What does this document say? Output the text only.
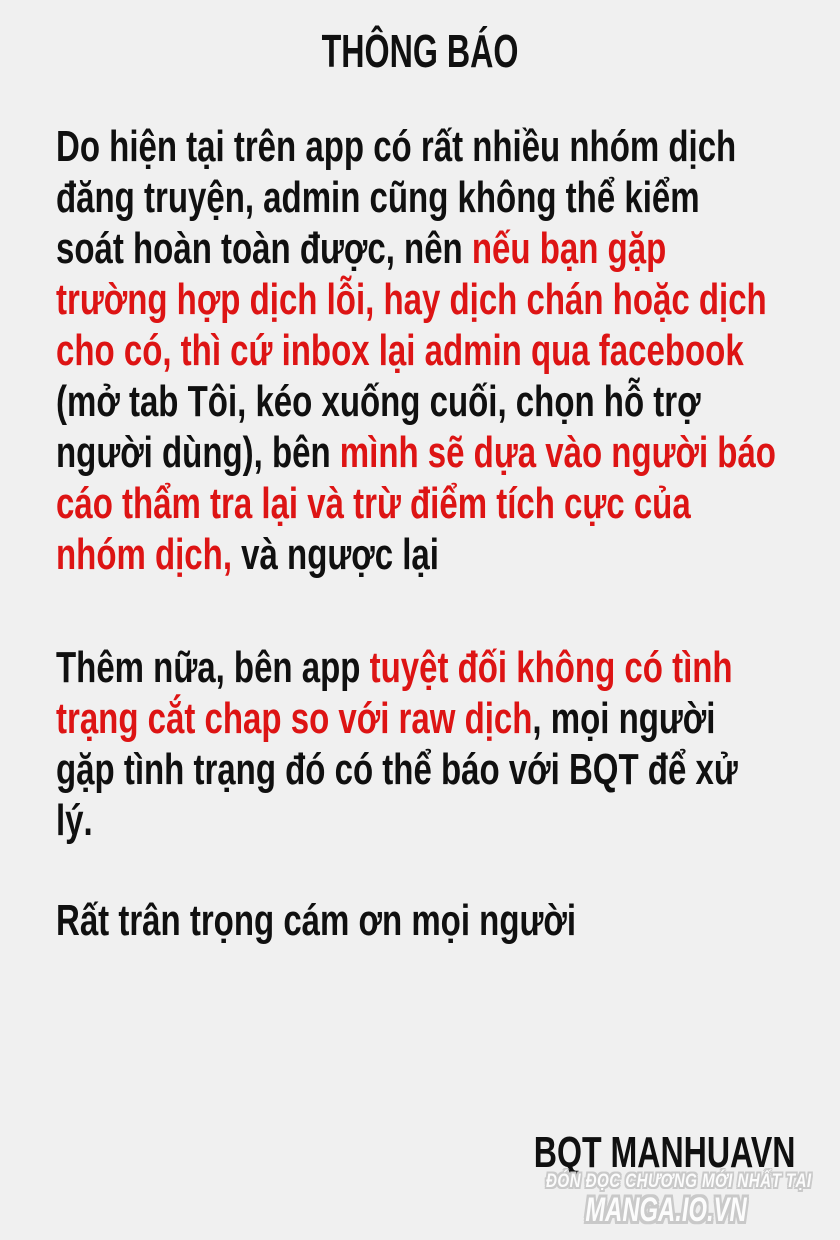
THÔNG BÁO
Do hiện tại trên app có rất nhiều nhóm dịch
đăng truyện, admin cũng không thể kiểm
soát hoàn toàn được, nên nếu bạn gặp
trường hợp dịch lỗi, hay dịch chán hoặc dịch
cho có, thì cứ inbox lại admin qua facebook
(mở tab Tôi, kéo xuống cuối, chọn hỗ trợ
người dùng), bên mình sẽ dựa vào người báo
cáo thẩm tra lại và trừ điểm tích cực của
nhóm dịch, và ngược lại
Thêm nữa, bên app tuyệt đối không có tình
trạng cắt chap so với raw dịch, mọi người
gặp tình trạng đó có thể báo với BQT để xử
lý.
Rất trân trọng cám ơn mọi người
BQT MANHUAVN
ĐÓN ĐỌC CHƯƠNG MỚI NHẤT TẠI
MANGA.IO.VN
